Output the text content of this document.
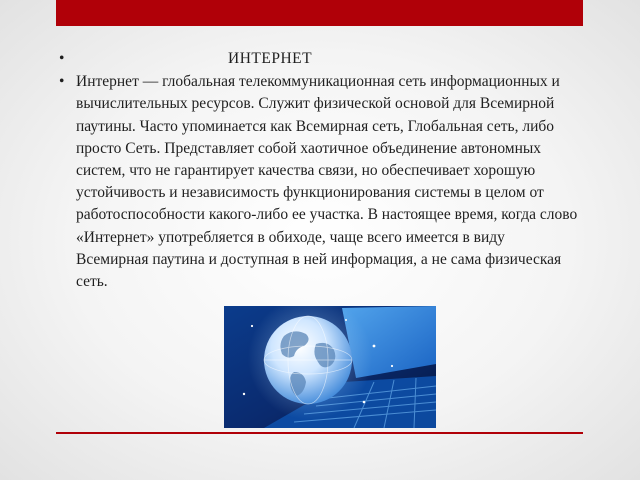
•	ИНТЕРНЕТ
• Интернет — глобальная телекоммуникационная сеть информационных и вычислительных ресурсов. Служит физической основой для Всемирной паутины. Часто упоминается как Всемирная сеть, Глобальная сеть, либо просто Сеть. Представляет собой хаотичное объединение автономных систем, что не гарантирует качества связи, но обеспечивает хорошую устойчивость и независимость функционирования системы в целом от работоспособности какого-либо ее участка. В настоящее время, когда слово «Интернет» употребляется в обиходе, чаще всего имеется в виду Всемирная паутина и доступная в ней информация, а не сама физическая сеть.
